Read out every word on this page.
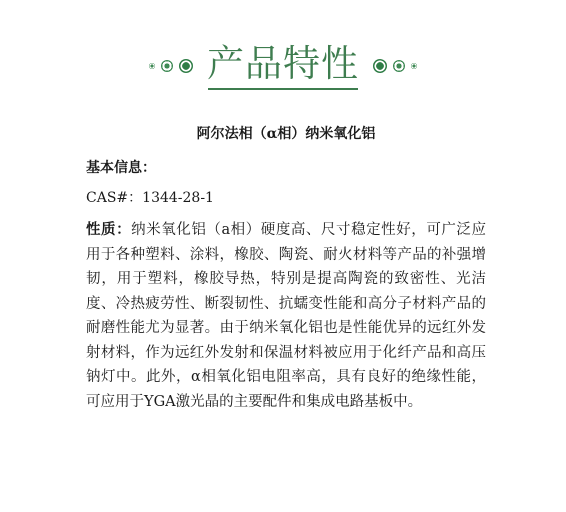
产品特性
阿尔法相（α相）纳米氧化铝
基本信息：
CAS#：1344-28-1

性质：纳米氧化铝（a相）硬度高、尺寸稳定性好，可广泛应用于各种塑料、涂料，橡胶、陶瓷、耐火材料等产品的补强增韧，用于塑料，橡胶导热，特别是提高陶瓷的致密性、光洁度、冷热疲劳性、断裂韧性、抗蠕变性能和高分子材料产品的耐磨性能尤为显著。由于纳米氧化铝也是性能优异的远红外发射材料，作为远红外发射和保温材料被应用于化纤产品和高压钠灯中。此外，α相氧化铝电阻率高，具有良好的绝缘性能，可应用于YGA激光晶的主要配件和集成电路基板中。
